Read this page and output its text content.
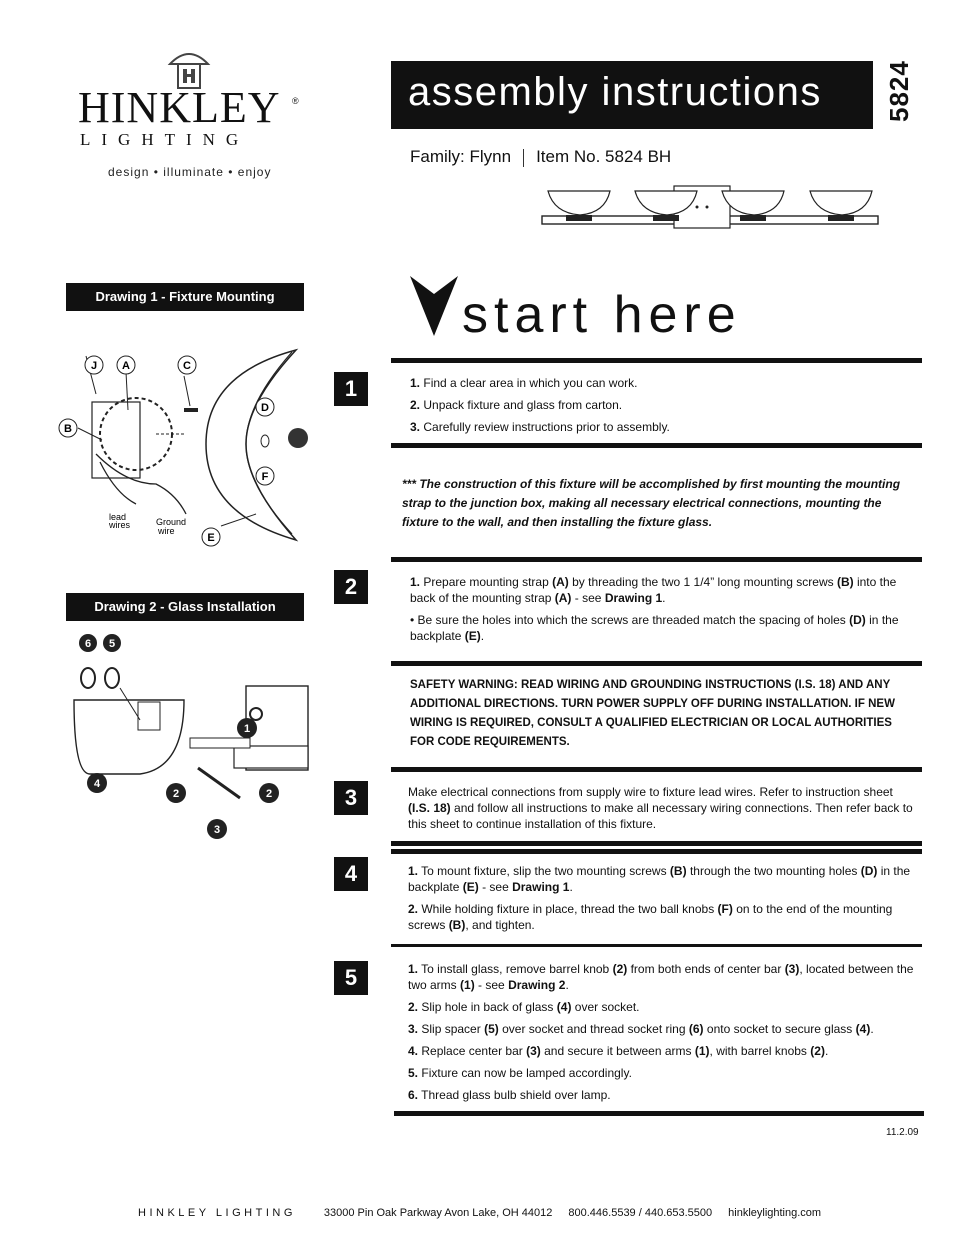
HINKLEY ®
LIGHTING
design • illuminate • enjoy
assembly instructions 5824
Family: Flynn Item No. 5824 BH
Drawing 1 - Fixture Mounting
J A	C
B
D
F
E
lead
wires	Ground
wire
Drawing 2 - Glass Installation
6 5
1
4
2	2
3
start here
1	1. Find a clear area in which you can work.

2. Unpack fixture and glass from carton.

3. Carefully review instructions prior to assembly.

*** The construction of this fixture will be accomplished by first mounting the mounting strap to the junction box, making all necessary electrical connections, mounting the fixture to the wall, and then installing the fixture glass.
2	1. Prepare mounting strap (A) by threading the two 1 1/4” long mounting screws (B) into the back of the mounting strap (A) - see Drawing 1.

• Be sure the holes into which the screws are threaded match the spacing of holes (D) in the backplate (E).

SAFETY WARNING: READ WIRING AND GROUNDING INSTRUCTIONS (I.S. 18) AND ANY ADDITIONAL DIRECTIONS. TURN POWER SUPPLY OFF DURING INSTALLATION. IF NEW WIRING IS REQUIRED, CONSULT A QUALIFIED ELECTRICIAN OR LOCAL AUTHORITIES FOR CODE REQUIREMENTS.
3	Make electrical connections from supply wire to fixture lead wires. Refer to instruction sheet (I.S. 18) and follow all instructions to make all necessary wiring connections. Then refer back to this sheet to continue installation of this fixture.

4	1. To mount fixture, slip the two mounting screws (B) through the two mounting holes (D) in the backplate (E) - see Drawing 1.

2. While holding fixture in place, thread the two ball knobs (F) on to the end of the mounting screws (B), and tighten.

5	1. To install glass, remove barrel knob (2) from both ends of center bar (3), located between the two arms (1) - see Drawing 2.

2. Slip hole in back of glass (4) over socket.

3. Slip spacer (5) over socket and thread socket ring (6) onto socket to secure glass (4).

4. Replace center bar (3) and secure it between arms (1), with barrel knobs (2).

5. Fixture can now be lamped accordingly.

6. Thread glass bulb shield over lamp.

11.2.09
HINKLEY LIGHTING	33000 Pin Oak Parkway Avon Lake, OH 44012 800.446.5539 / 440.653.5500 hinkleylighting.com
